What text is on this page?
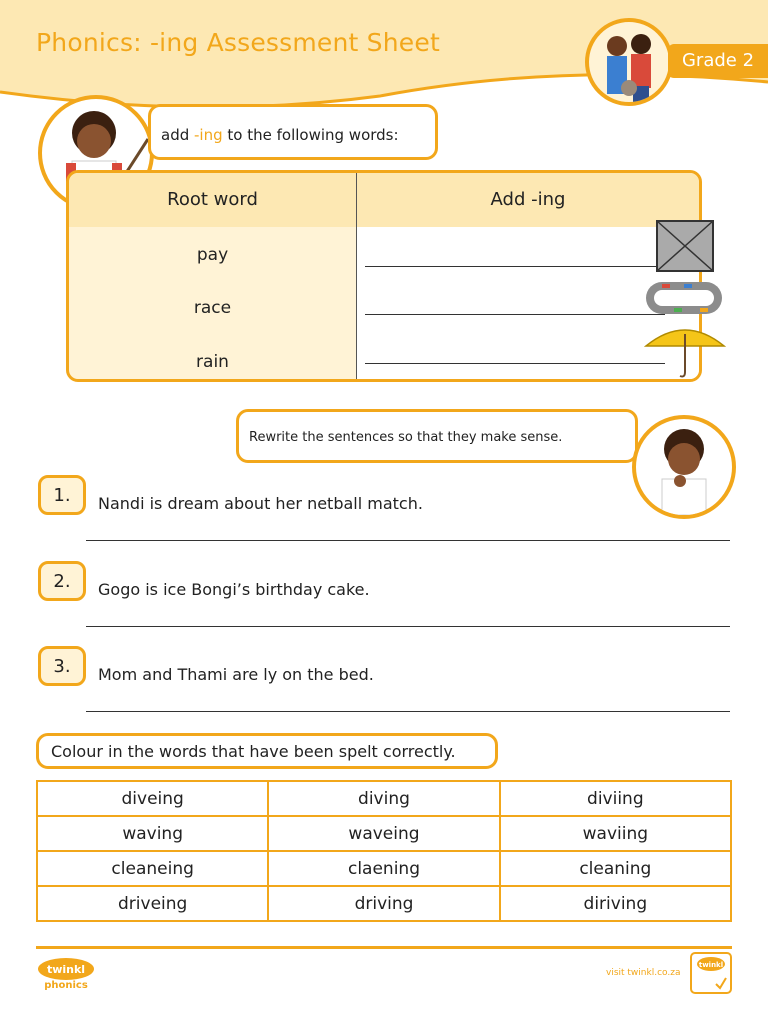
Phonics: -ing Assessment Sheet
Grade 2
add -ing to the following words:
Root word	Add -ing
pay
race
rain
Rewrite the sentences so that they make sense.
1.	Nandi is dream about her netball match.
2.	Gogo is ice Bongi’s birthday cake.
3.	Mom and Thami are ly on the bed.
Colour in the words that have been spelt correctly.
diveing	diving	diviing
waving	waveing	waviing
cleaneing	claening	cleaning
driveing	driving	diriving
twinkl
phonics
visit twinkl.co.za
twinkl
